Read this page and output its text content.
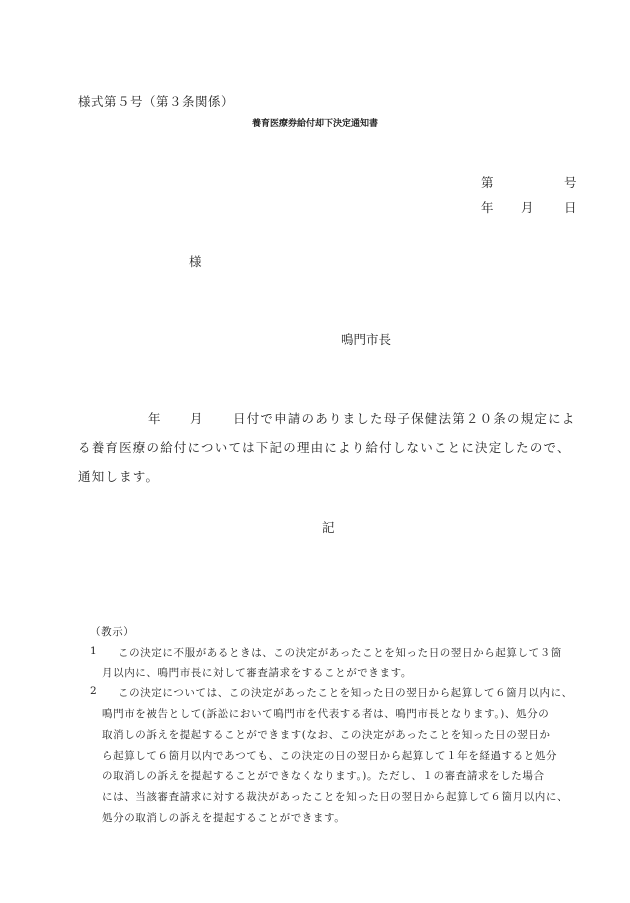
様式第５号（第３条関係）
養育医療券給付却下決定通知書
第	号
年 月 日
様
鳴門市長
年 月 日付で申請のありました母子保健法第２０条の規定によ
る養育医療の給付については下記の理由により給付しないことに決定したので、
通知します。
記
（教示）
1 この決定に不服があるときは、この決定があったことを知った日の翌日から起算して３箇
月以内に、鳴門市長に対して審査請求をすることができます。
2 この決定については、この決定があったことを知った日の翌日から起算して６箇月以内に、
鳴門市を被告として(訴訟において鳴門市を代表する者は、鳴門市長となります。)、処分の
取消しの訴えを提起することができます(なお、この決定があったことを知った日の翌日か
ら起算して６箇月以内であつても、この決定の日の翌日から起算して１年を経過すると処分
の取消しの訴えを提起することができなくなります。)。ただし、１の審査請求をした場合
には、当該審査請求に対する裁決があったことを知った日の翌日から起算して６箇月以内に、
処分の取消しの訴えを提起することができます。
